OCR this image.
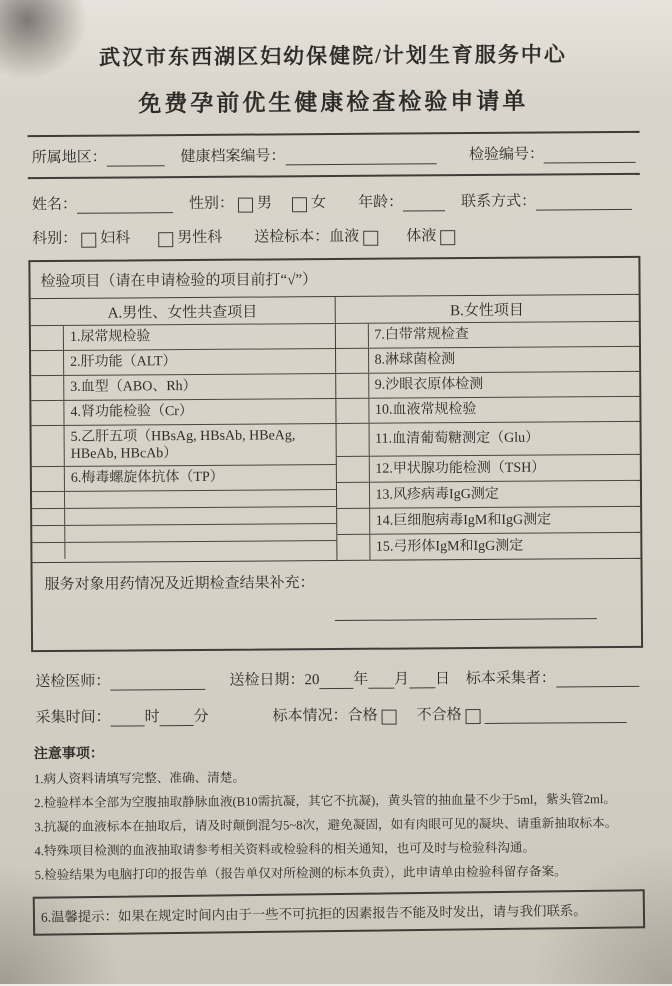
武汉市东西湖区妇幼保健院/计划生育服务中心
免费孕前优生健康检查检验申请单
所属地区：	健康档案编号：	检验编号：
姓名：	性别： 男	女 年龄：	联系方式：
科别： 妇科	男性科 送检标本： 血液	体液
检验项目（请在申请检验的项目前打“√”）
A.男性、女性共查项目
1.尿常规检验
2.肝功能（ALT）
3.血型（ABO、Rh）
4.肾功能检验（Cr）
5.乙肝五项（HBsAg, HBsAb, HBeAg, HBeAb, HBcAb）
6.梅毒螺旋体抗体（TP）
B.女性项目
7.白带常规检查
8.淋球菌检测
9.沙眼衣原体检测
10.血液常规检验
11.血清葡萄糖测定（Glu）
12.甲状腺功能检测（TSH）
13.风疹病毒IgG测定
14.巨细胞病毒IgM和IgG测定
15.弓形体IgM和IgG测定
服务对象用药情况及近期检查结果补充：
送检医师：	送检日期： 20 年 月 日 标本采集者：
采集时间： 时 分	标本情况： 合格	不合格
注意事项：
1.病人资料请填写完整、准确、清楚。
2.检验样本全部为空腹抽取静脉血液(B10需抗凝，其它不抗凝)，黄头管的抽血量不少于5ml，紫头管2ml。
3.抗凝的血液标本在抽取后，请及时颠倒混匀5~8次，避免凝固，如有肉眼可见的凝块、请重新抽取标本。
4.特殊项目检测的血液抽取请参考相关资料或检验科的相关通知，也可及时与检验科沟通。
5.检验结果为电脑打印的报告单（报告单仅对所检测的标本负责），此申请单由检验科留存备案。
6.温馨提示：如果在规定时间内由于一些不可抗拒的因素报告不能及时发出，请与我们联系。
